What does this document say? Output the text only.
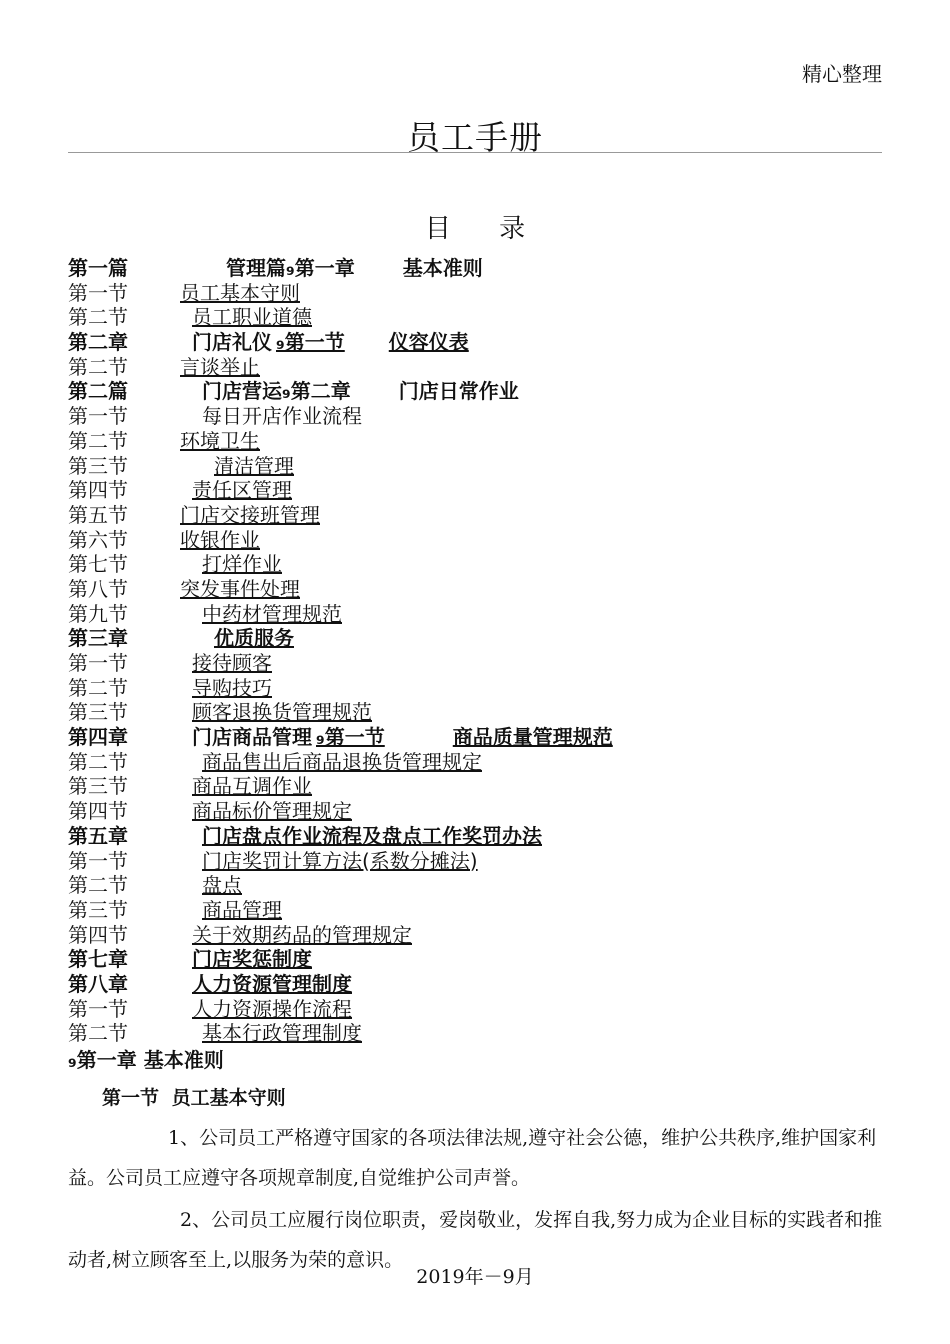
精心整理
员工手册
目 录
第一篇	管理篇 ₉第一章 基本准则
第一节	员工基本守则
第二节	员工职业道德
第二章	门店礼仪 ₉第一节 仪容仪表
第二节	言谈举止
第二篇	门店营运 ₉第二章 门店日常作业
第一节	每日开店作业流程
第二节	环境卫生
第三节	清洁管理
第四节	责任区管理
第五节	门店交接班管理
第六节	收银作业
第七节	打烊作业
第八节	突发事件处理
第九节	中药材管理规范
第三章	优质服务
第一节	接待顾客
第二节	导购技巧
第三节	顾客退换货管理规范
第四章	门店商品管理 ₉第一节	商品质量管理规范
第二节	商品售出后商品退换货管理规定
第三节	商品互调作业
第四节	商品标价管理规定
第五章	门店盘点作业流程及盘点工作奖罚办法
第一节	门店奖罚计算方法(系数分摊法)
第二节	盘点
第三节	商品管理
第四节	关于效期药品的管理规定
第七章	门店奖惩制度
第八章	人力资源管理制度
第一节	人力资源操作流程
第二节	基本行政管理制度

₉第一章 基本准则

第一节 员工基本守则

1、公司员工严格遵守国家的各项法律法规,遵守社会公德，维护公共秩序,维护国家利益。公司员工应遵守各项规章制度,自觉维护公司声誉。

2、公司员工应履行岗位职责，爱岗敬业，发挥自我,努力成为企业目标的实践者和推动者,树立顾客至上,以服务为荣的意识。

2019年－9月
